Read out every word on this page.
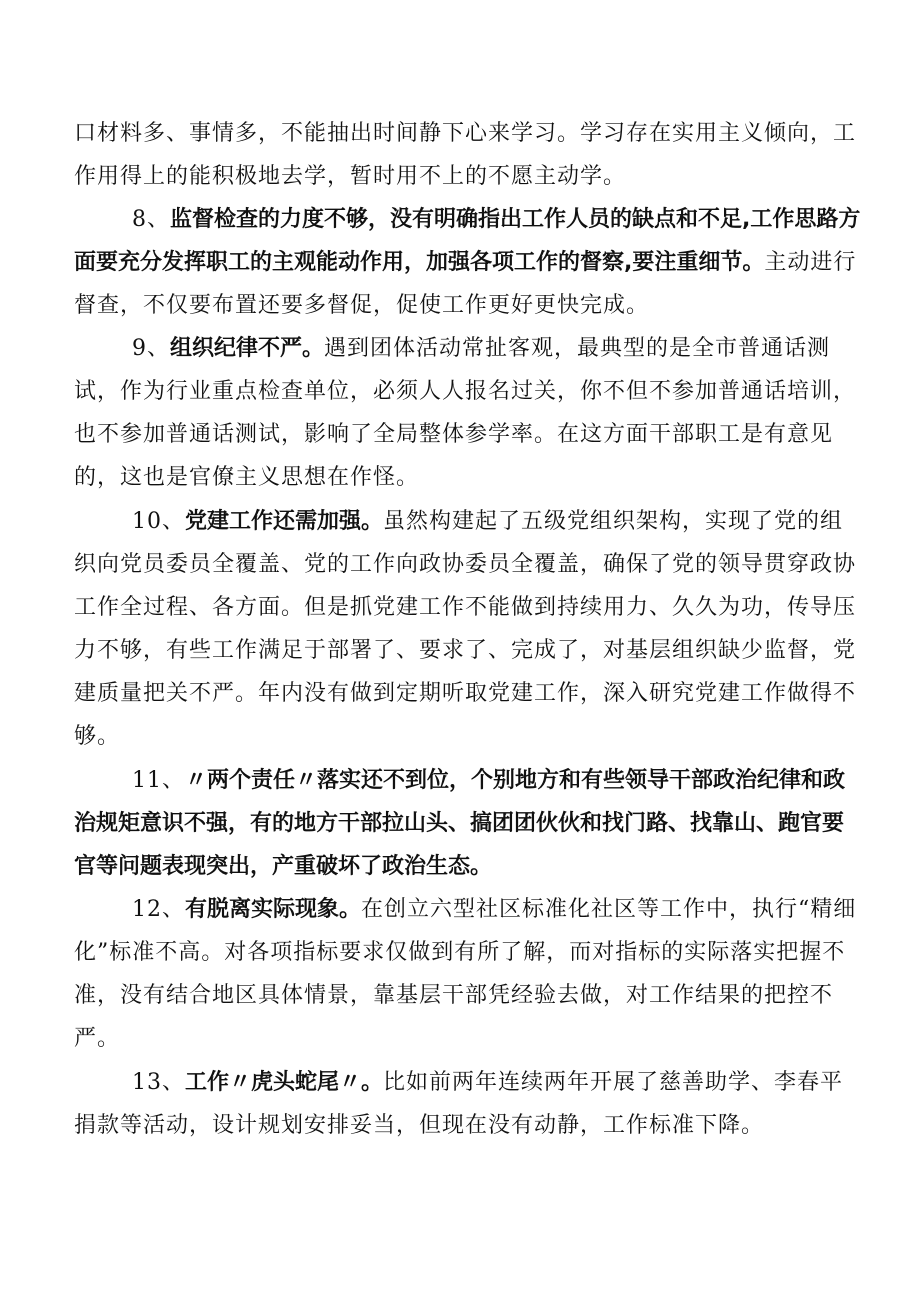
口材料多、事情多，不能抽出时间静下心来学习。学习存在实用主义倾向，工作用得上的能积极地去学，暂时用不上的不愿主动学。

8、监督检查的力度不够，没有明确指出工作人员的缺点和不足,工作思路方面要充分发挥职工的主观能动作用，加强各项工作的督察,要注重细节。主动进行督查，不仅要布置还要多督促，促使工作更好更快完成。

9、组织纪律不严。遇到团体活动常扯客观，最典型的是全市普通话测试，作为行业重点检查单位，必须人人报名过关，你不但不参加普通话培训，也不参加普通话测试，影响了全局整体参学率。在这方面干部职工是有意见的，这也是官僚主义思想在作怪。

10、党建工作还需加强。虽然构建起了五级党组织架构，实现了党的组织向党员委员全覆盖、党的工作向政协委员全覆盖，确保了党的领导贯穿政协工作全过程、各方面。但是抓党建工作不能做到持续用力、久久为功，传导压力不够，有些工作满足于部署了、要求了、完成了，对基层组织缺少监督，党建质量把关不严。年内没有做到定期听取党建工作，深入研究党建工作做得不够。

11、〃两个责任〃落实还不到位，个别地方和有些领导干部政治纪律和政治规矩意识不强，有的地方干部拉山头、搞团团伙伙和找门路、找靠山、跑官要官等问题表现突出，产重破坏了政治生态。

12、有脱离实际现象。在创立六型社区标准化社区等工作中，执行“精细化”标准不高。对各项指标要求仅做到有所了解，而对指标的实际落实把握不准，没有结合地区具体情景，靠基层干部凭经验去做，对工作结果的把控不严。

13、工作〃虎头蛇尾〃。比如前两年连续两年开展了慈善助学、李春平捐款等活动，设计规划安排妥当，但现在没有动静，工作标准下降。
